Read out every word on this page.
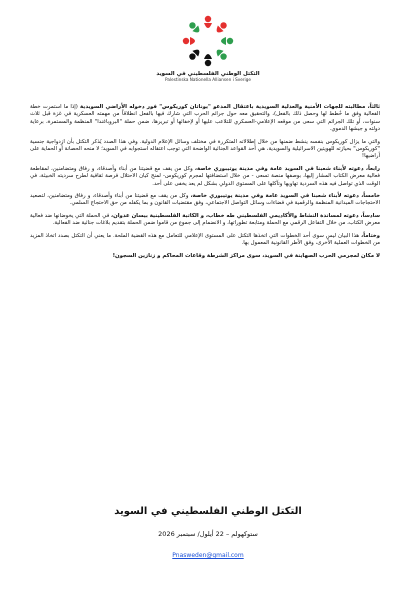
التكتل الوطني الفلسطيني في السويد
Palestinska Nationella Alliansen i Sverige

ثالثاً، مطالبته للجهات الأمنية والعدلية السويدية باعتقال المدعو "يوناتان كوريكوس" فور دخوله الأراضي السويدية (إذا ما استمرت خطة الفعالية وفق ما خُطط لها وحصل ذلك بالفعل)، والتحقيق معه حول جرائم الحرب التي شارك فيها بالفعل انطلاقاً من مهمته العسكرية في غزة قبل ثلاث سنوات، أو تلك الجرائم التي سعى من موقعه الإعلامي-العسكري للتلاعب عليها أو لإخفائها أو تبريرها، ضمن حملة "البروباغندا" المنظمة والمستمرة، برعاية دولته و جيشها الدموي.

والتي ما يزال كوريكوس بنفسه ينشط ضمنها من خلال إطلالاته المتكررة في مختلف وسائل الإعلام الدولية. وفي هذا الصدد يُذكر التكتل بأن ازدواجية جنسية "كوريكوس" بحيازته للهويتين الاسرائيلية والسويدية، هي أحد القواعد الجنائية الواضحة التي توجب اعتقاله استجوابه في السويد؛ لا منحه الحصانة أو الحماية على أراضيها!

رابعاً، دعوته لأبناء شعبنا في السويد عامة وفي مدينة يوتيبوري خاصة، وكل من يقف مع قضيتنا من أبناء وأصدقاء، و رفاق ومتضامنين، لمقاطعة فعالية معرض الكتاب المشار إليها، بوصفها منصة تسعى - من خلال استضافتها لمجرم كوريكوس- لمنح كيان الاحتلال فرصة ثقافية لطرح سرديته الخبيثة، في الوقت الذي تواصل فيه هذه السردية تهاويها وتآكلها على المستوى الدولي بشكل لم يعد يخفى على أحد.

خامساً، دعوته لأبناء شعبنا في السويد عامة وفي مدينة يوتيبوري خاصة، وكل من يقف مع قضيتنا من أبناء وأصدقاء، و رفاق ومتضامنين، لتصعيد الاحتجاجات الميدانية المنظمة والرقمية في فضاءات وسائل التواصل الاجتماعي، وفق مقتضيات القانون و بما يكفله من حق الاحتجاج السلمي.

سادساً، دعوته لمساندة النشاط والأكاديمي الفلسطيني طه خطاب، و الكاتبة الفلسطينية بيسان عدوان، في الحملة التي يخوضانها ضد فعالية معرض الكتاب، من خلال التفاعل الرقمي مع الحملة ومتابعة تطوراتها، و الانضمام إلى جموع من قاموا ضمن الحملة بتقديم بلاغات جنائية ضد الفعالية.

وختاماً، هذا البيان ليس سوى أحد الخطوات التي اتخذها التكتل على المستوى الإعلامي للتعامل مع هذه القضية الملحة. ما يعني أن التكتل بصدد اتخاذ المزيد من الخطوات العملية الأخرى، وفق الأطر القانونية المعمول بها.

لا مكان لمجرمي الحرب الصهاينة في السويد، سوى مراكز الشرطة وقاعات المحاكم و زنازين السجون!

التكتل الوطني الفلسطيني في السويد
ستوكهولم – 22 أيلول/ سبتمبر 2026
Pnasweden@gmail.com
